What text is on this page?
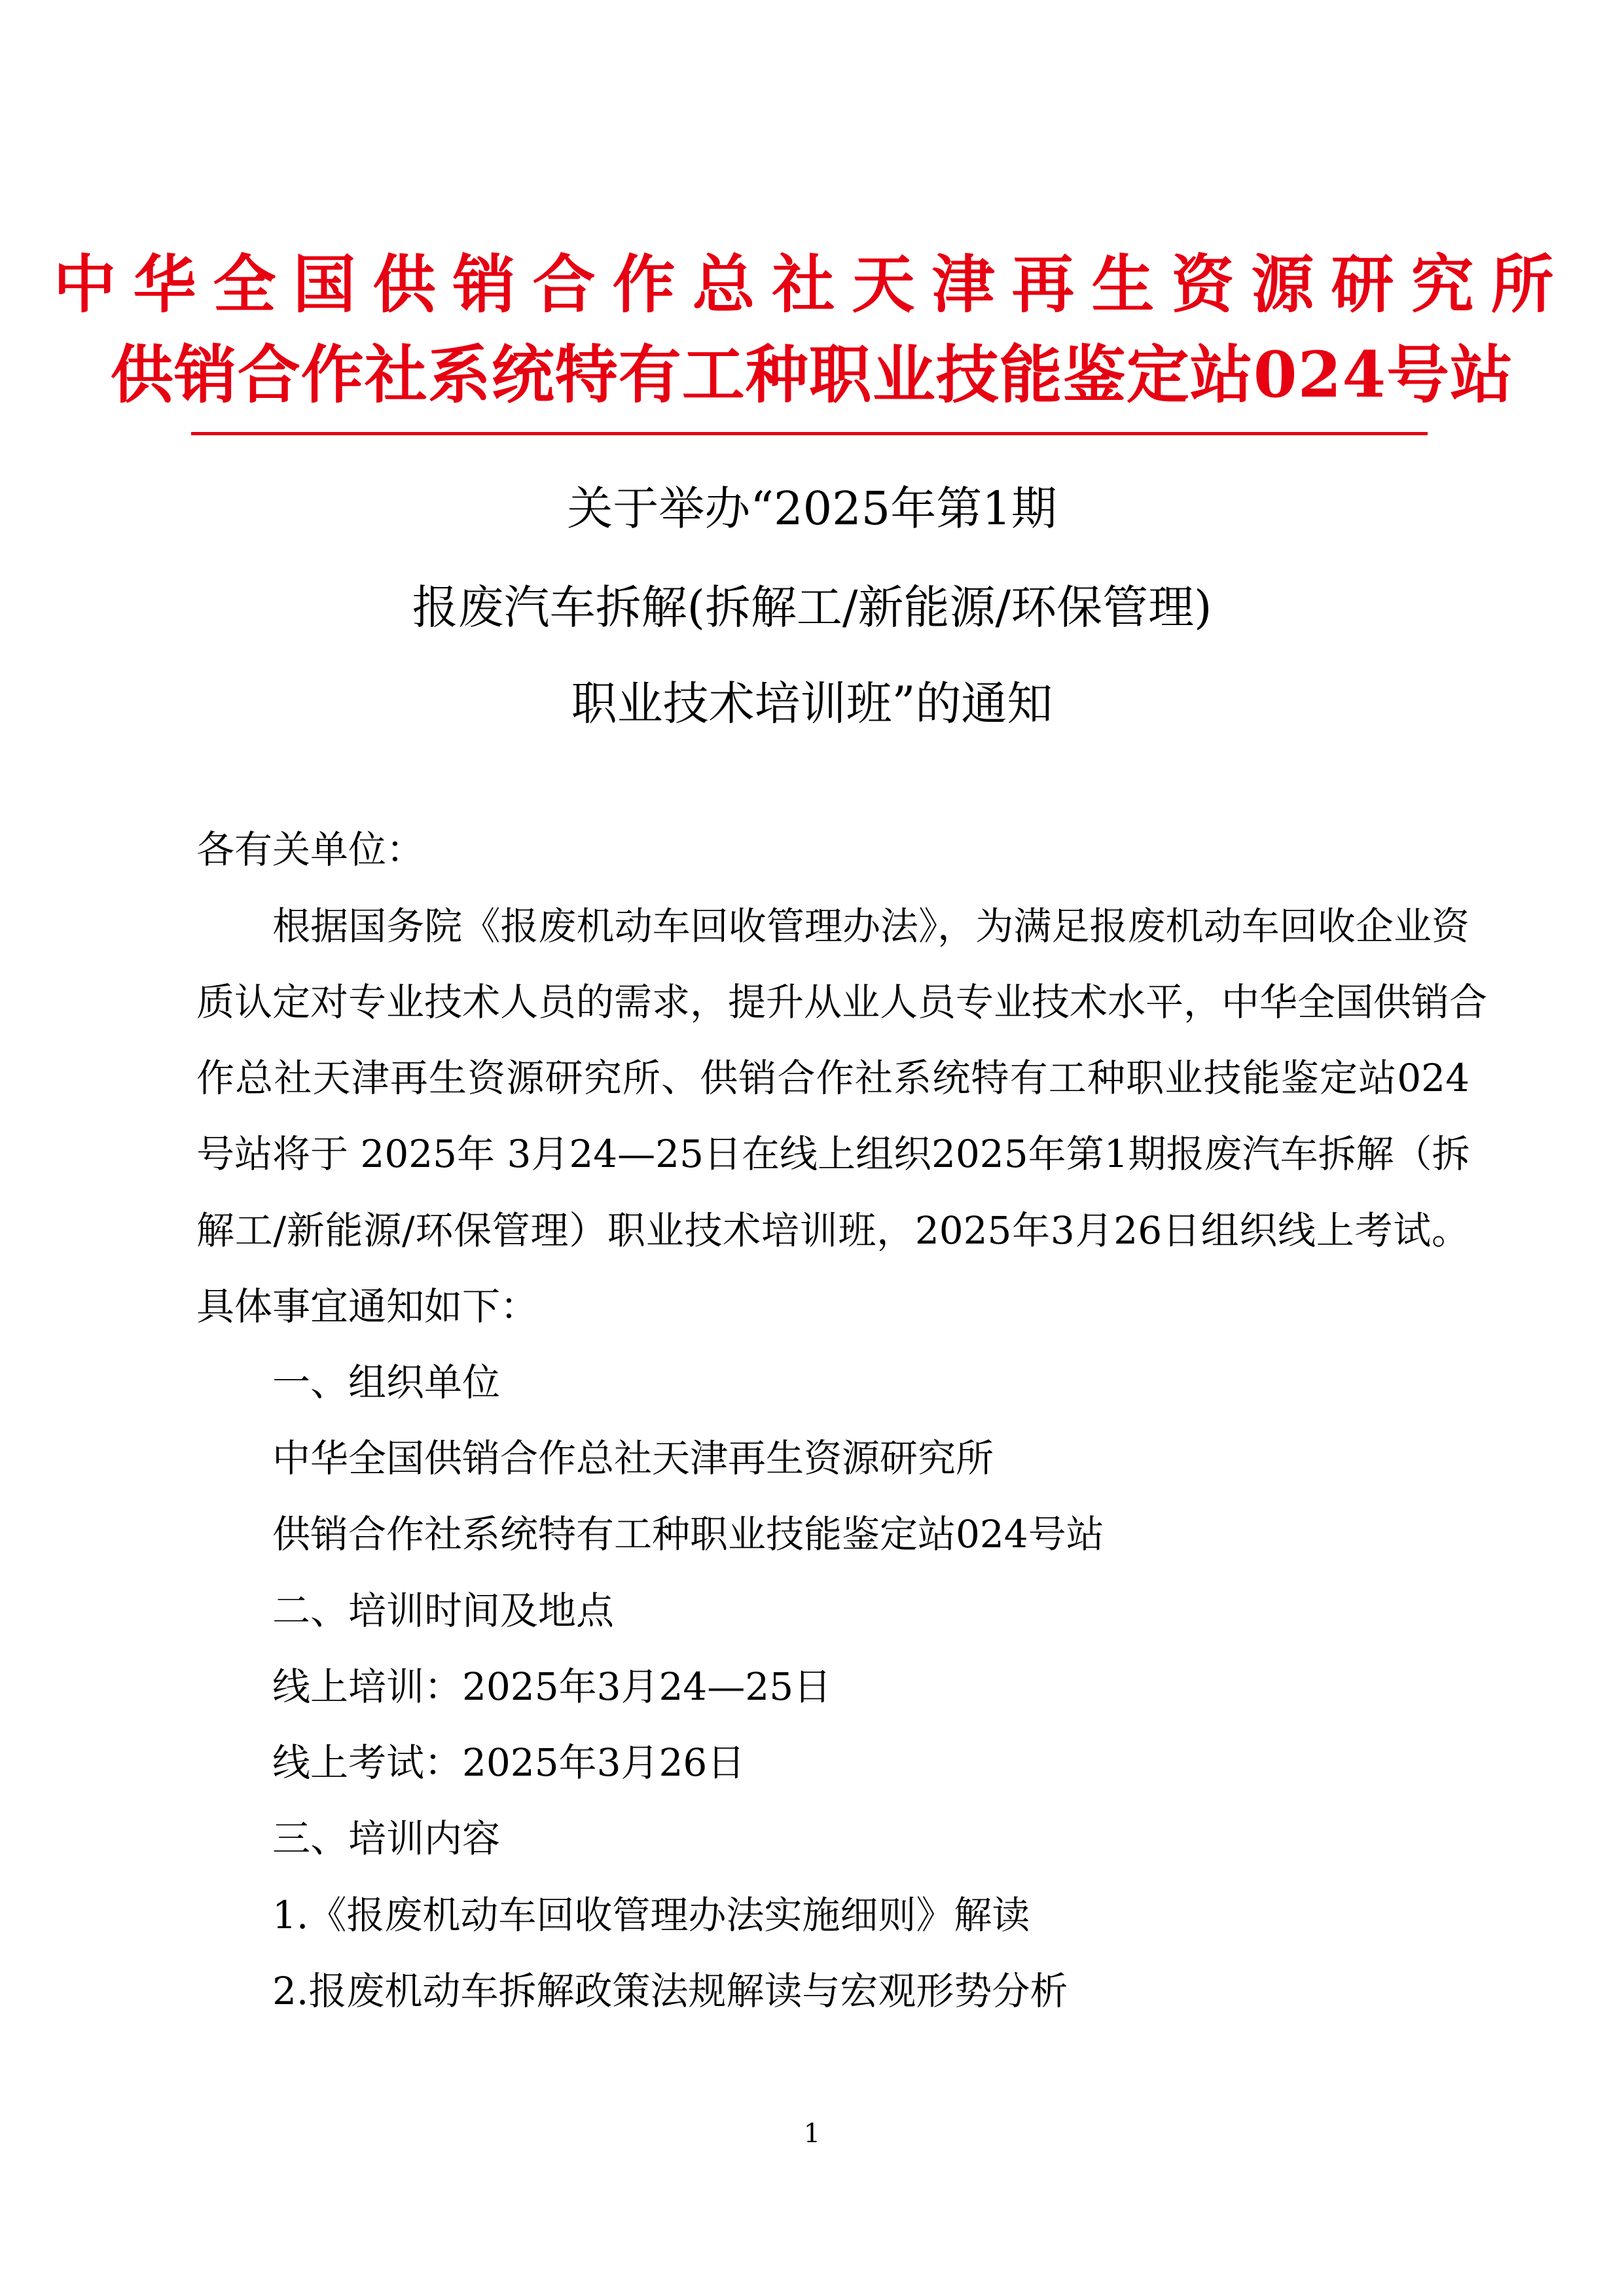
中华全国供销合作总社天津再生资源研究所
供销合作社系统特有工种职业技能鉴定站024号站
关于举办“2025年第1期
报废汽车拆解(拆解工/新能源/环保管理)
职业技术培训班”的通知
各有关单位：
根据国务院《报废机动车回收管理办法》，为满足报废机动车回收企业资
质认定对专业技术人员的需求，提升从业人员专业技术水平，中华全国供销合
作总社天津再生资源研究所、供销合作社系统特有工种职业技能鉴定站024
号站将于 2025年 3月24—25日在线上组织2025年第1期报废汽车拆解（拆
解工/新能源/环保管理）职业技术培训班，2025年3月26日组织线上考试。
具体事宜通知如下：
一、组织单位
中华全国供销合作总社天津再生资源研究所
供销合作社系统特有工种职业技能鉴定站024号站
二、培训时间及地点
线上培训：2025年3月24—25日
线上考试：2025年3月26日
三、培训内容
1.《报废机动车回收管理办法实施细则》解读
2.报废机动车拆解政策法规解读与宏观形势分析
1
